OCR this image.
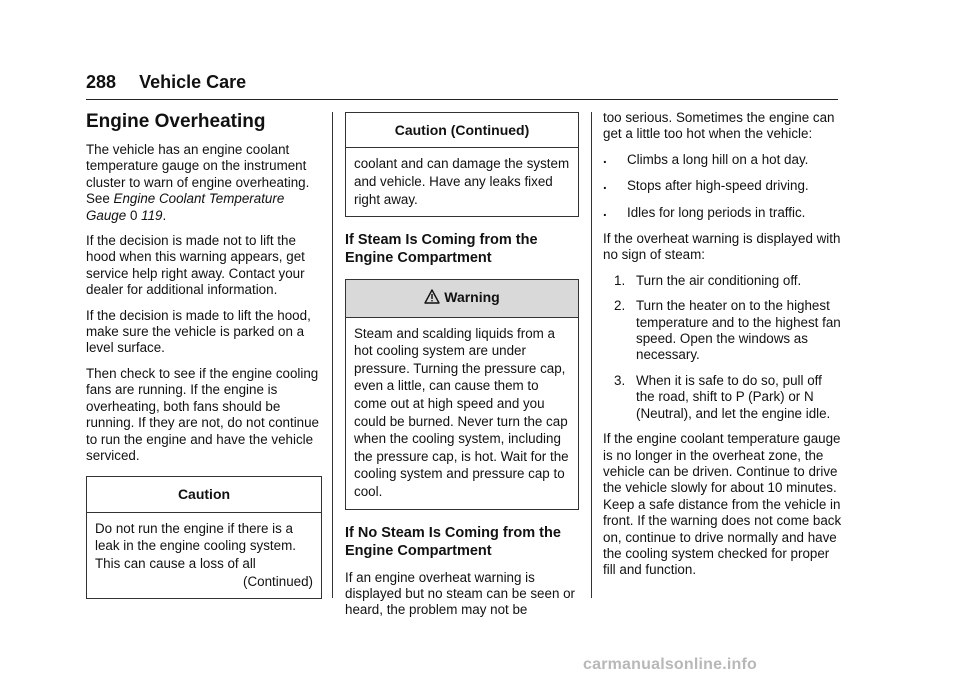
288 Vehicle Care
Engine Overheating

The vehicle has an engine coolant temperature gauge on the instrument cluster to warn of engine overheating. See Engine Coolant Temperature Gauge 0 119.

If the decision is made not to lift the hood when this warning appears, get service help right away. Contact your dealer for additional information.

If the decision is made to lift the hood, make sure the vehicle is parked on a level surface.

Then check to see if the engine cooling fans are running. If the engine is overheating, both fans should be running. If they are not, do not continue to run the engine and have the vehicle serviced.

Caution
Do not run the engine if there is a leak in the engine cooling system. This can cause a loss of all
(Continued)
Caution (Continued)
coolant and can damage the system and vehicle. Have any leaks fixed right away.
If Steam Is Coming from the Engine Compartment
Warning
Steam and scalding liquids from a hot cooling system are under pressure. Turning the pressure cap, even a little, can cause them to come out at high speed and you could be burned. Never turn the cap when the cooling system, including the pressure cap, is hot. Wait for the cooling system and pressure cap to cool.
If No Steam Is Coming from the Engine Compartment

If an engine overheat warning is displayed but no steam can be seen or heard, the problem may not be

too serious. Sometimes the engine can get a little too hot when the vehicle:

. Climbs a long hill on a hot day.
. Stops after high-speed driving.
. Idles for long periods in traffic.

If the overheat warning is displayed with no sign of steam:

1. Turn the air conditioning off.
2. Turn the heater on to the highest temperature and to the highest fan speed. Open the windows as necessary.
3. When it is safe to do so, pull off the road, shift to P (Park) or N (Neutral), and let the engine idle.

If the engine coolant temperature gauge is no longer in the overheat zone, the vehicle can be driven. Continue to drive the vehicle slowly for about 10 minutes. Keep a safe distance from the vehicle in front. If the warning does not come back on, continue to drive normally and have the cooling system checked for proper fill and function.

carmanualsonline.info
